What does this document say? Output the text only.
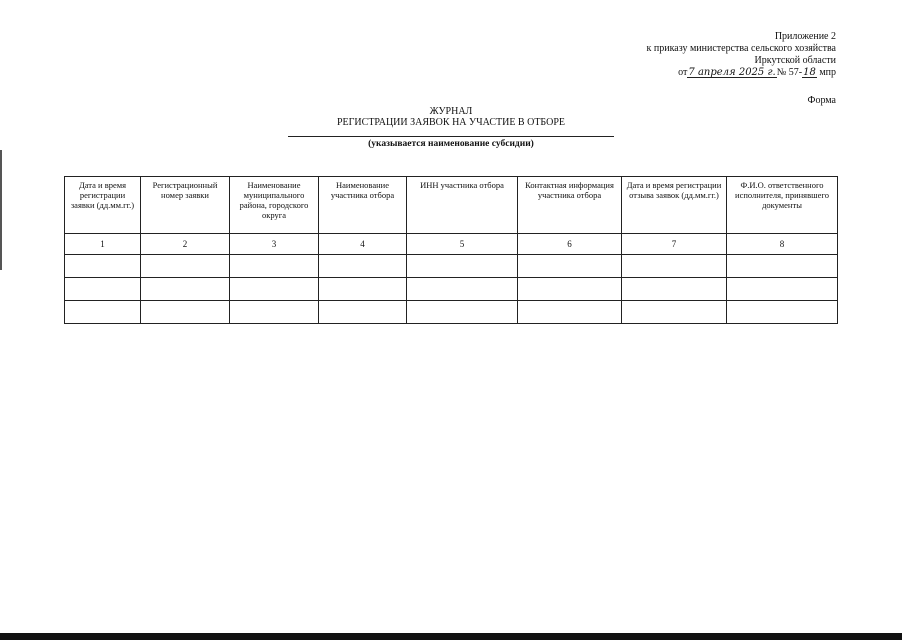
Приложение 2
к приказу министерства сельского хозяйства
Иркутской области
от7 апреля 2025 г.№ 57-18 мпр
Форма
ЖУРНАЛ
РЕГИСТРАЦИИ ЗАЯВОК НА УЧАСТИЕ В ОТБОРЕ
(указывается наименование субсидии)
Дата и время регистрации заявки (дд.мм.гг.)	Регистрационный номер заявки	Наименование муниципального района, городского округа	Наименование участника отбора	ИНН участника отбора	Контактная информация участника отбора	Дата и время регистрации отзыва заявок (дд.мм.гг.)	Ф.И.О. ответственного исполнителя, принявшего документы
1	2	3	4	5	6	7	8
